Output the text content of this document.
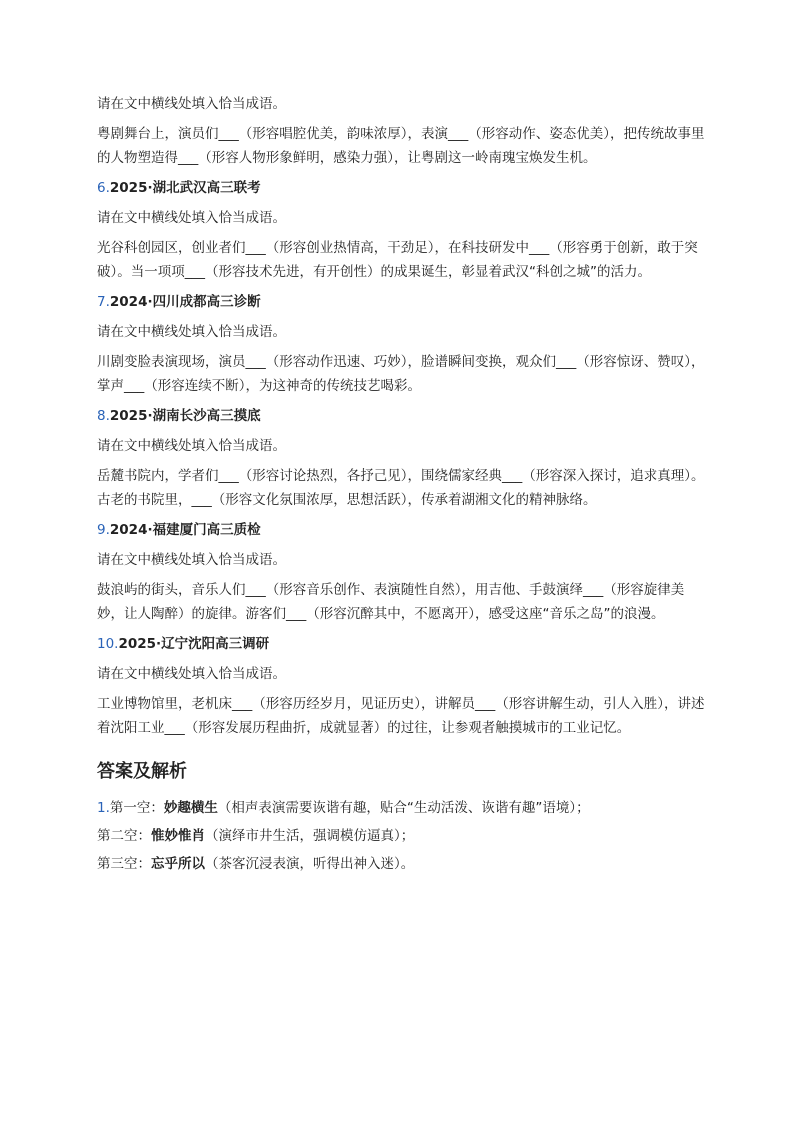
请在文中横线处填入恰当成语。

粤剧舞台上，演员们___（形容唱腔优美，韵味浓厚），表演___（形容动作、姿态优美），把传统故事里的人物塑造得___（形容人物形象鲜明，感染力强），让粤剧这一岭南瑰宝焕发生机。

6.2025·湖北武汉高三联考

请在文中横线处填入恰当成语。

光谷科创园区，创业者们___（形容创业热情高，干劲足），在科技研发中___（形容勇于创新，敢于突破）。当一项项___（形容技术先进，有开创性）的成果诞生，彰显着武汉“科创之城”的活力。

7.2024·四川成都高三诊断

请在文中横线处填入恰当成语。

川剧变脸表演现场，演员___（形容动作迅速、巧妙），脸谱瞬间变换，观众们___（形容惊讶、赞叹），掌声___（形容连续不断），为这神奇的传统技艺喝彩。

8.2025·湖南长沙高三摸底

请在文中横线处填入恰当成语。

岳麓书院内，学者们___（形容讨论热烈，各抒己见），围绕儒家经典___（形容深入探讨，追求真理）。古老的书院里，___（形容文化氛围浓厚，思想活跃），传承着湖湘文化的精神脉络。

9.2024·福建厦门高三质检

请在文中横线处填入恰当成语。

鼓浪屿的街头，音乐人们___（形容音乐创作、表演随性自然），用吉他、手鼓演绎___（形容旋律美妙，让人陶醉）的旋律。游客们___（形容沉醉其中，不愿离开），感受这座“音乐之岛”的浪漫。

10.2025·辽宁沈阳高三调研

请在文中横线处填入恰当成语。

工业博物馆里，老机床___（形容历经岁月，见证历史），讲解员___（形容讲解生动，引人入胜），讲述着沈阳工业___（形容发展历程曲折，成就显著）的过往，让参观者触摸城市的工业记忆。

答案及解析

1.第一空：妙趣横生（相声表演需要诙谐有趣，贴合“生动活泼、诙谐有趣”语境）；

第二空：惟妙惟肖（演绎市井生活，强调模仿逼真）；

第三空：忘乎所以（茶客沉浸表演，听得出神入迷）。
